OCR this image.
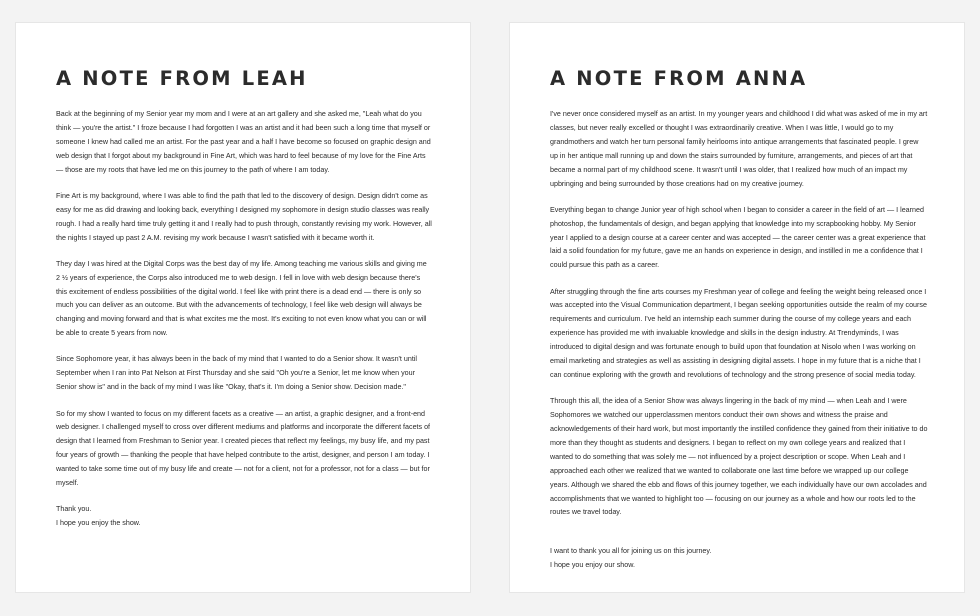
A NOTE FROM LEAH

Back at the beginning of my Senior year my mom and I were at an art gallery and she asked me, "Leah what do you think — you're the artist." I froze because I had forgotten I was an artist and it had been such a long time that myself or someone I knew had called me an artist. For the past year and a half I have become so focused on graphic design and web design that I forgot about my background in Fine Art, which was hard to feel because of my love for the Fine Arts — those are my roots that have led me on this journey to the path of where I am today.

Fine Art is my background, where I was able to find the path that led to the discovery of design. Design didn't come as easy for me as did drawing and looking back, everything I designed my sophomore in design studio classes was really rough. I had a really hard time truly getting it and I really had to push through, constantly revising my work. However, all the nights I stayed up past 2 A.M. revising my work because I wasn't satisfied with it became worth it.

They day I was hired at the Digital Corps was the best day of my life. Among teaching me various skills and giving me 2 ½ years of experience, the Corps also introduced me to web design. I fell in love with web design because there's this excitement of endless possibilities of the digital world. I feel like with print there is a dead end — there is only so much you can deliver as an outcome. But with the advancements of technology, I feel like web design will always be changing and moving forward and that is what excites me the most. It's exciting to not even know what you can or will be able to create 5 years from now.

Since Sophomore year, it has always been in the back of my mind that I wanted to do a Senior show. It wasn't until September when I ran into Pat Nelson at First Thursday and she said "Oh you're a Senior, let me know when your Senior show is" and in the back of my mind I was like "Okay, that's it. I'm doing a Senior show. Decision made."

So for my show I wanted to focus on my different facets as a creative — an artist, a graphic designer, and a front-end web designer. I challenged myself to cross over different mediums and platforms and incorporate the different facets of design that I learned from Freshman to Senior year. I created pieces that reflect my feelings, my busy life, and my past four years of growth — thanking the people that have helped contribute to the artist, designer, and person I am today. I wanted to take some time out of my busy life and create — not for a client, not for a professor, not for a class — but for myself.

Thank you.

I hope you enjoy the show.

A NOTE FROM ANNA

I've never once considered myself as an artist. In my younger years and childhood I did what was asked of me in my art classes, but never really excelled or thought I was extraordinarily creative. When I was little, I would go to my grandmothers and watch her turn personal family heirlooms into antique arrangements that fascinated people. I grew up in her antique mall running up and down the stairs surrounded by furniture, arrangements, and pieces of art that became a normal part of my childhood scene. It wasn't until I was older, that I realized how much of an impact my upbringing and being surrounded by those creations had on my creative journey.

Everything began to change Junior year of high school when I began to consider a career in the field of art — I learned photoshop, the fundamentals of design, and began applying that knowledge into my scrapbooking hobby. My Senior year I applied to a design course at a career center and was accepted — the career center was a great experience that laid a solid foundation for my future, gave me an hands on experience in design, and instilled in me a confidence that I could pursue this path as a career.

After struggling through the fine arts courses my Freshman year of college and feeling the weight being released once I was accepted into the Visual Communication department, I began seeking opportunities outside the realm of my course requirements and curriculum. I've held an internship each summer during the course of my college years and each experience has provided me with invaluable knowledge and skills in the design industry. At Trendyminds, I was introduced to digital design and was fortunate enough to build upon that foundation at Nisolo when I was working on email marketing and strategies as well as assisting in designing digital assets. I hope in my future that is a niche that I can continue exploring with the growth and revolutions of technology and the strong presence of social media today.

Through this all, the idea of a Senior Show was always lingering in the back of my mind — when Leah and I were Sophomores we watched our upperclassmen mentors conduct their own shows and witness the praise and acknowledgements of their hard work, but most importantly the instilled confidence they gained from their initiative to do more than they thought as students and designers. I began to reflect on my own college years and realized that I wanted to do something that was solely me — not influenced by a project description or scope. When Leah and I approached each other we realized that we wanted to collaborate one last time before we wrapped up our college years. Although we shared the ebb and flows of this journey together, we each individually have our own accolades and accomplishments that we wanted to highlight too — focusing on our journey as a whole and how our roots led to the routes we travel today.

I want to thank you all for joining us on this journey.

I hope you enjoy our show.
